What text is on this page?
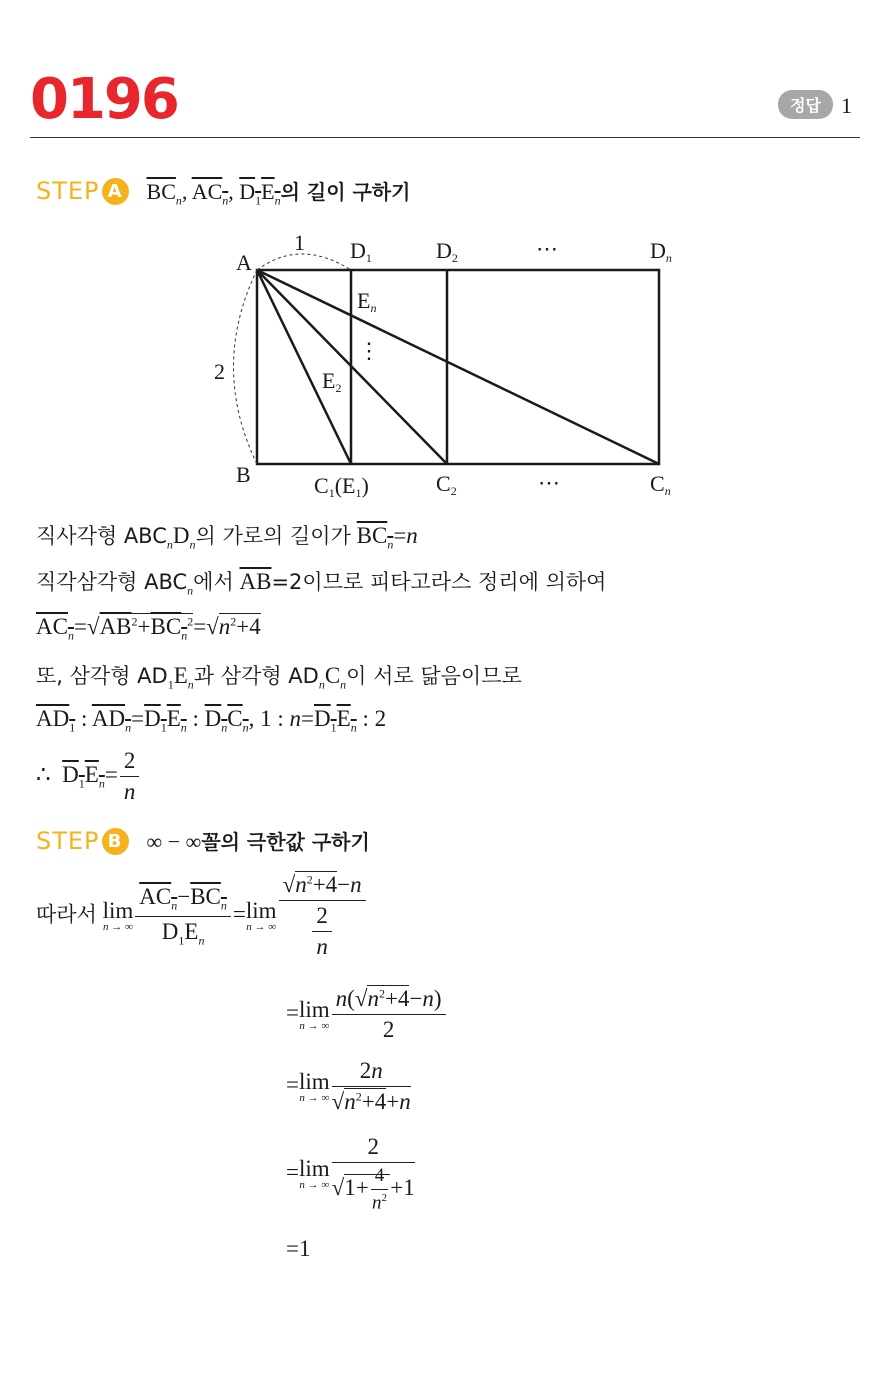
0196	정답 1
STEP A $\overline{BC}_n$, $AC_n$, $D_1E_n$의 길이 구하기
A
B
1
2
D1	D2	⋯	Dn
En
⋮
E2
C1(E1)	C2	⋯	Cn
직사각형 $ABC_nD_n$의 가로의 길이가 $BC_n=n$
직각삼각형 $ABC_n$에서 $\overline{AB}=2$이므로 피타고라스 정리에 의하여
$AC_n=√AB^2+BC_n^2=√n^2+4$
또, 삼각형 $AD_1E_n$과 삼각형 $AD_nC_n$이 서로 닮음이므로
$AD_1$ : $AD_n=D_1E_n$ : $D_nC_n$, 1 : $n=D_1E_n$ : 2
∴ $D_1E_n= \frac{2}{n}$
STEP B ∞ − ∞꼴의 극한값 구하기
따라서 lim
n → ∞ $\frac{AC_n-BC_n}{D_1E_n} =\lim$
n → ∞ $\frac{√n^2+4-n}{\frac{2}{n}}$
=lim
n → ∞ $\frac{n(√n^2+4-n)}{2}$
=lim
n → ∞ $\frac{2n}{√n^2+4+n}$
=lim
n → ∞ $\frac{2}{√1+ \frac{4}{n^2} +1}$
=1
